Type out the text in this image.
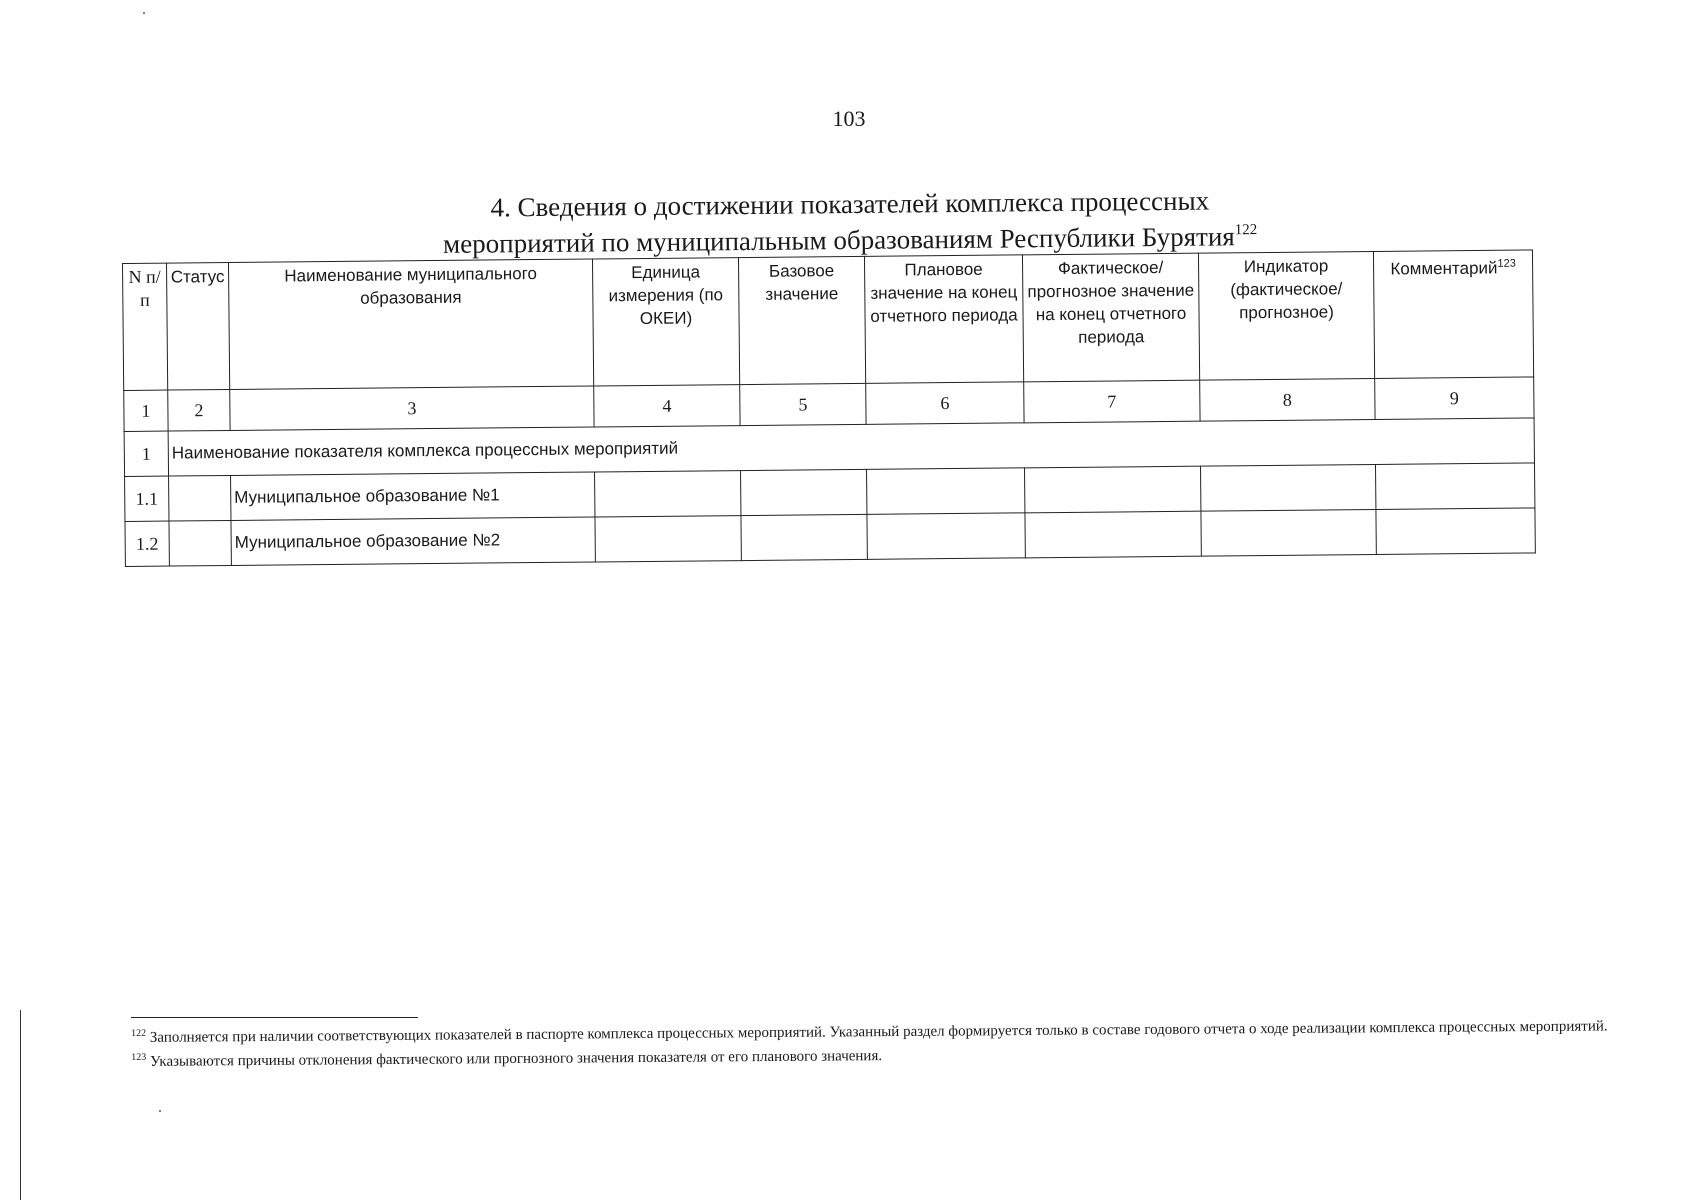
103
4. Сведения о достижении показателей комплекса процессных
мероприятий по муниципальным образованиям Республики Бурятия$^{122}$
N п/п	Статус	Наименование муниципального образования	Единица измерения (по ОКЕИ)	Базовое значение	Плановое значение на конец отчетного периода	Фактическое/прогнозное значение на конец отчетного периода	Индикатор (фактическое/прогнозное)	Комментарий$^{123}$
1	2	3	4	5	6	7	8	9
1	Наименование показателя комплекса процессных мероприятий							
1.1		Муниципальное образование №1						
1.2		Муниципальное образование №2						

$^{122}$ Заполняется при наличии соответствующих показателей в паспорте комплекса процессных мероприятий. Указанный раздел формируется только в составе годового отчета о ходе реализации комплекса процессных мероприятий.

$^{123}$ Указываются причины отклонения фактического или прогнозного значения показателя от его планового значения.
